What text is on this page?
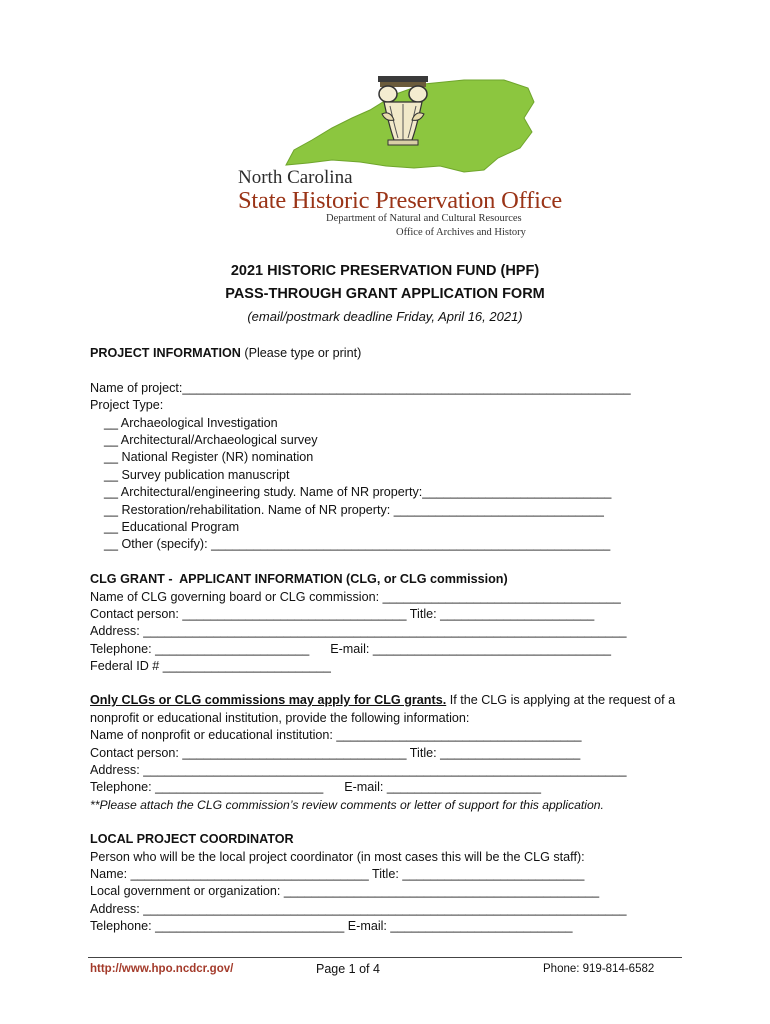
North Carolina
State Historic Preservation Office
Department of Natural and Cultural Resources
Office of Archives and History
2021 HISTORIC PRESERVATION FUND (HPF)
PASS-THROUGH GRANT APPLICATION FORM
(email/postmark deadline Friday, April 16, 2021)
PROJECT INFORMATION (Please type or print)
Name of project:________________________________________________________________
Project Type:
__ Archaeological Investigation
__ Architectural/Archaeological survey
__ National Register (NR) nomination
__ Survey publication manuscript
__ Architectural/engineering study. Name of NR property:___________________________
__ Restoration/rehabilitation. Name of NR property: ______________________________
__ Educational Program
__ Other (specify): _________________________________________________________
CLG GRANT -  APPLICANT INFORMATION (CLG, or CLG commission)
Name of CLG governing board or CLG commission: __________________________________
Contact person: ________________________________ Title: ______________________
Address: _____________________________________________________________________
Telephone: ______________________      E-mail: __________________________________
Federal ID # ________________________
Only CLGs or CLG commissions may apply for CLG grants. If the CLG is applying at the request of a
nonprofit or educational institution, provide the following information:
Name of nonprofit or educational institution: ___________________________________
Contact person: ________________________________ Title: ____________________
Address: _____________________________________________________________________
Telephone: ________________________      E-mail: ______________________
**Please attach the CLG commission’s review comments or letter of support for this application.
LOCAL PROJECT COORDINATOR
Person who will be the local project coordinator (in most cases this will be the CLG staff):
Name: __________________________________ Title: __________________________
Local government or organization: _____________________________________________
Address: _____________________________________________________________________
Telephone: ___________________________ E-mail: __________________________
http://www.hpo.ncdcr.gov/	Page 1 of 4	Phone: 919-814-6582
